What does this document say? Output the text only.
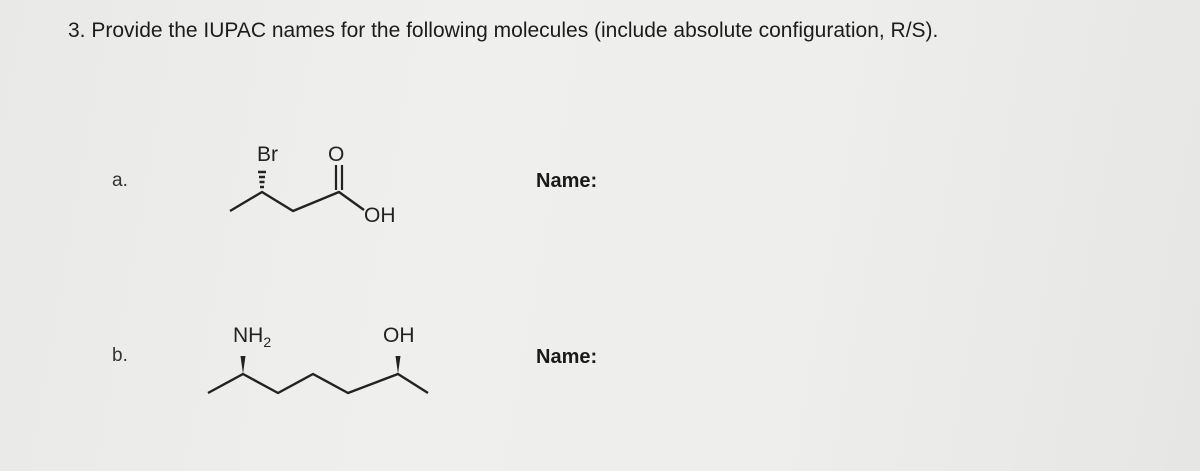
3. Provide the IUPAC names for the following molecules (include absolute configuration, R/S).

a.
Br O
OH
Name:
b.
$NH_2$	OH
Name:
